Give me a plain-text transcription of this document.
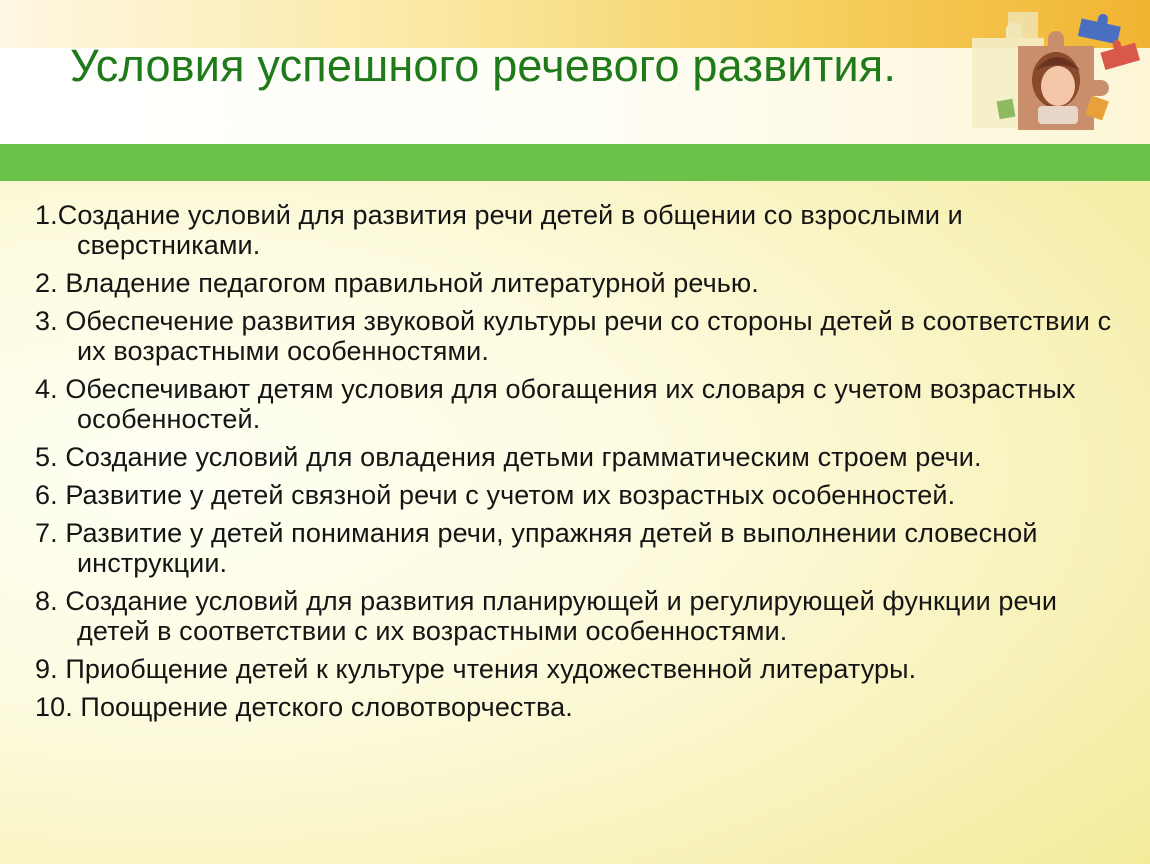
Условия успешного речевого развития.
1.Создание условий для развития речи детей в общении со взрослыми и сверстниками.
2. Владение педагогом правильной литературной речью.
3. Обеспечение развития звуковой культуры речи со стороны детей в соответствии с их возрастными особенностями.
4. Обеспечивают детям условия для обогащения их словаря с учетом возрастных особенностей.
5. Создание условий для овладения детьми грамматическим строем речи.
6. Развитие у детей связной речи с учетом их возрастных особенностей.
7. Развитие у детей понимания речи, упражняя детей в выполнении словесной инструкции.
8. Создание условий для развития планирующей и регулирующей функции речи детей в соответствии с их возрастными особенностями.
9. Приобщение детей к культуре чтения художественной литературы.
10. Поощрение детского словотворчества.
